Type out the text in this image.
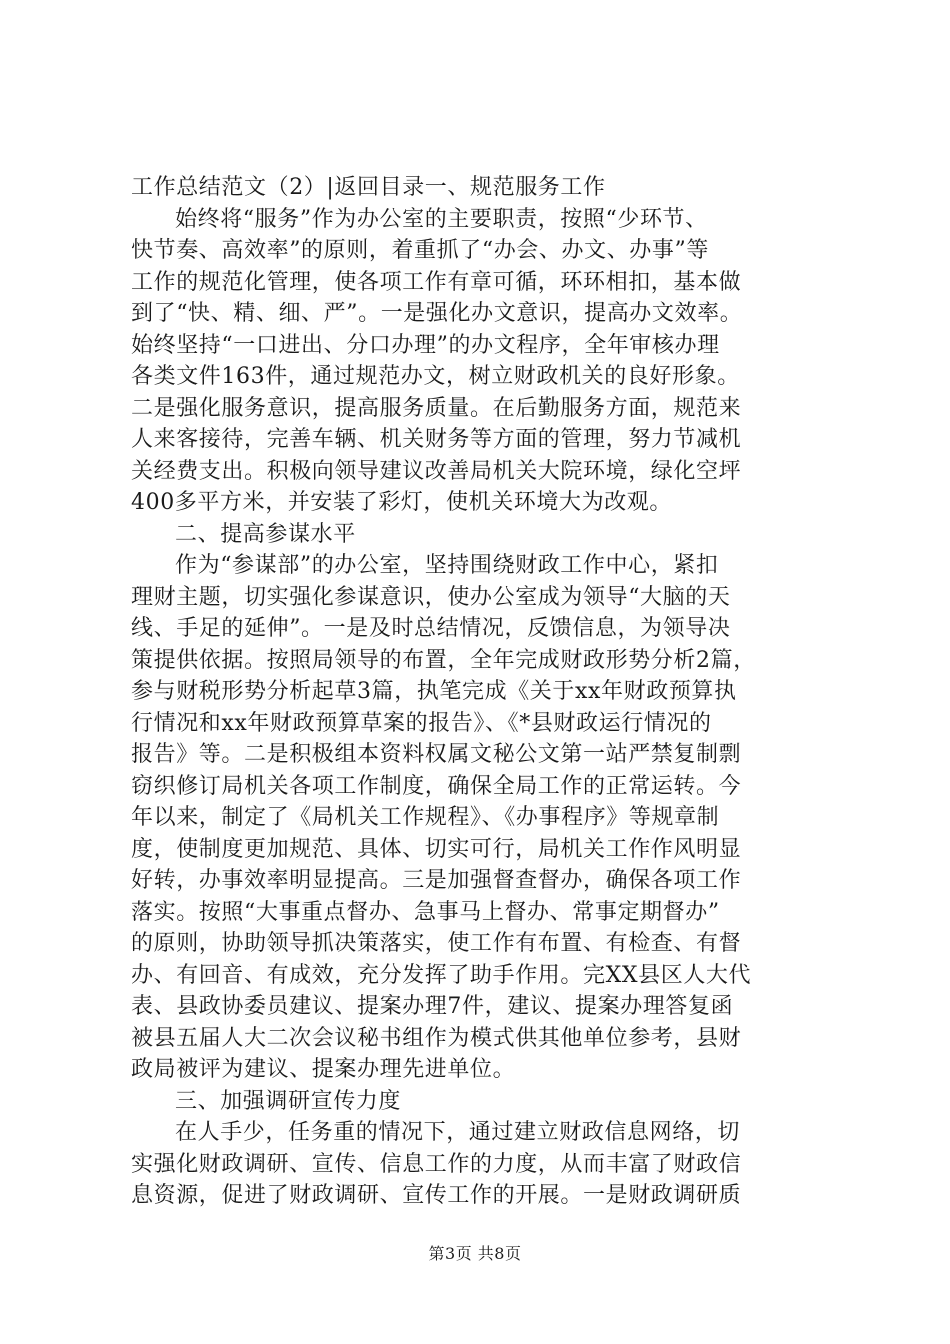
工作总结范文（2）|返回目录一、规范服务工作
始终将“服务”作为办公室的主要职责，按照“少环节、
快节奏、高效率”的原则，着重抓了“办会、办文、办事”等
工作的规范化管理，使各项工作有章可循，环环相扣，基本做
到了“快、精、细、严”。一是强化办文意识，提高办文效率。
始终坚持“一口进出、分口办理”的办文程序，全年审核办理
各类文件163件，通过规范办文，树立财政机关的良好形象。
二是强化服务意识，提高服务质量。在后勤服务方面，规范来
人来客接待，完善车辆、机关财务等方面的管理，努力节减机
关经费支出。积极向领导建议改善局机关大院环境，绿化空坪
400多平方米，并安装了彩灯，使机关环境大为改观。
二、提高参谋水平
作为“参谋部”的办公室，坚持围绕财政工作中心，紧扣
理财主题，切实强化参谋意识，使办公室成为领导“大脑的天
线、手足的延伸”。一是及时总结情况，反馈信息，为领导决
策提供依据。按照局领导的布置，全年完成财政形势分析2篇，
参与财税形势分析起草3篇，执笔完成《关于xx年财政预算执
行情况和xx年财政预算草案的报告》、《*县财政运行情况的
报告》等。二是积极组本资料权属文秘公文第一站严禁复制剽
窃织修订局机关各项工作制度，确保全局工作的正常运转。今
年以来，制定了《局机关工作规程》、《办事程序》等规章制
度，使制度更加规范、具体、切实可行，局机关工作作风明显
好转，办事效率明显提高。三是加强督查督办，确保各项工作
落实。按照“大事重点督办、急事马上督办、常事定期督办”
的原则，协助领导抓决策落实，使工作有布置、有检查、有督
办、有回音、有成效，充分发挥了助手作用。完XX县区人大代
表、县政协委员建议、提案办理7件，建议、提案办理答复函
被县五届人大二次会议秘书组作为模式供其他单位参考，县财
政局被评为建议、提案办理先进单位。
三、加强调研宣传力度
在人手少，任务重的情况下，通过建立财政信息网络，切
实强化财政调研、宣传、信息工作的力度，从而丰富了财政信
息资源，促进了财政调研、宣传工作的开展。一是财政调研质
第3页 共8页
